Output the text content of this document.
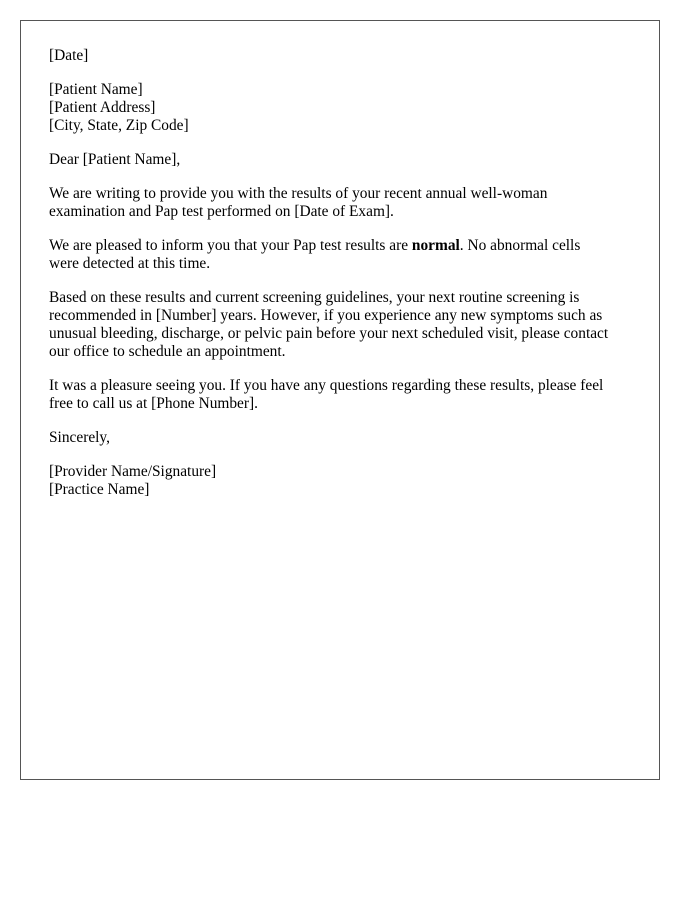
[Date]
[Patient Name]
[Patient Address]
[City, State, Zip Code]

Dear [Patient Name],

We are writing to provide you with the results of your recent annual well-woman
examination and Pap test performed on [Date of Exam].

We are pleased to inform you that your Pap test results are normal. No abnormal cells
were detected at this time.

Based on these results and current screening guidelines, your next routine screening is
recommended in [Number] years. However, if you experience any new symptoms such as
unusual bleeding, discharge, or pelvic pain before your next scheduled visit, please contact
our office to schedule an appointment.

It was a pleasure seeing you. If you have any questions regarding these results, please feel
free to call us at [Phone Number].

Sincerely,

[Provider Name/Signature]
[Practice Name]
